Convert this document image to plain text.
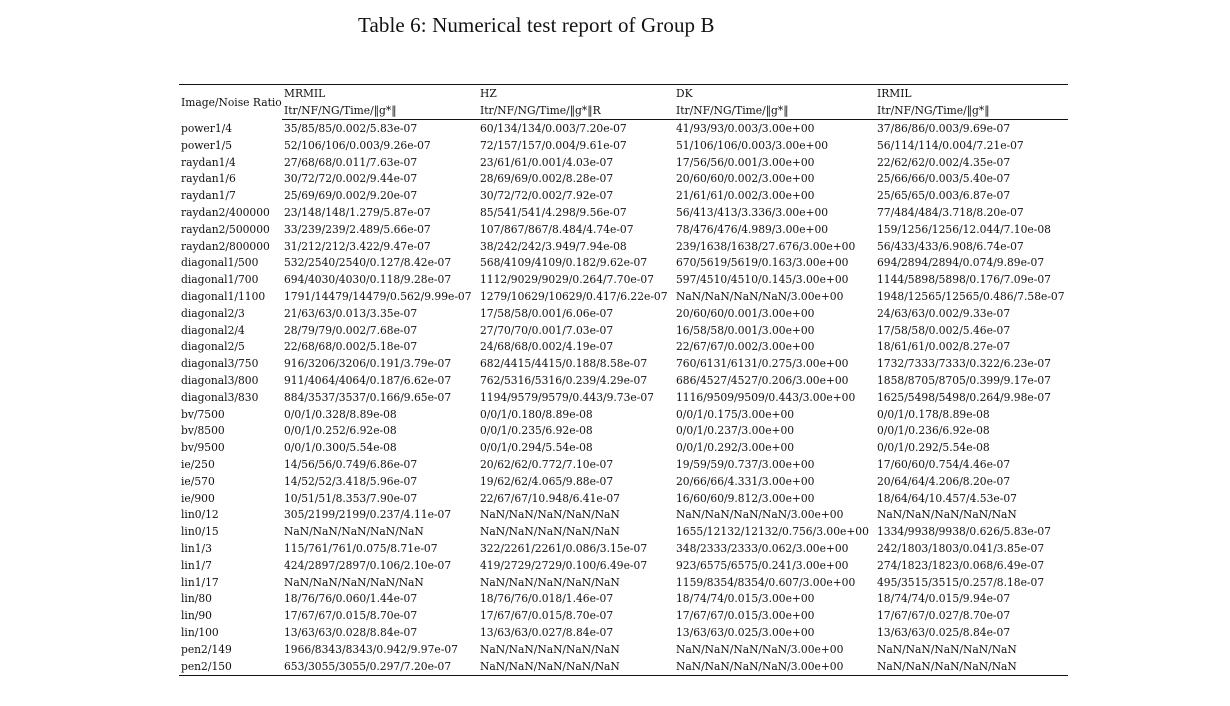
Table 6: Numerical test report of Group B
Image/Noise Ratio	MRMIL	HZ	DK	IRMIL
	Itr/NF/NG/Time/‖g*‖	Itr/NF/NG/Time/‖g*‖R	Itr/NF/NG/Time/‖g*‖	Itr/NF/NG/Time/‖g*‖
power1/4	35/85/85/0.002/5.83e-07	60/134/134/0.003/7.20e-07	41/93/93/0.003/3.00e+00	37/86/86/0.003/9.69e-07
power1/5	52/106/106/0.003/9.26e-07	72/157/157/0.004/9.61e-07	51/106/106/0.003/3.00e+00	56/114/114/0.004/7.21e-07
raydan1/4	27/68/68/0.011/7.63e-07	23/61/61/0.001/4.03e-07	17/56/56/0.001/3.00e+00	22/62/62/0.002/4.35e-07
raydan1/6	30/72/72/0.002/9.44e-07	28/69/69/0.002/8.28e-07	20/60/60/0.002/3.00e+00	25/66/66/0.003/5.40e-07
raydan1/7	25/69/69/0.002/9.20e-07	30/72/72/0.002/7.92e-07	21/61/61/0.002/3.00e+00	25/65/65/0.003/6.87e-07
raydan2/400000	23/148/148/1.279/5.87e-07	85/541/541/4.298/9.56e-07	56/413/413/3.336/3.00e+00	77/484/484/3.718/8.20e-07
raydan2/500000	33/239/239/2.489/5.66e-07	107/867/867/8.484/4.74e-07	78/476/476/4.989/3.00e+00	159/1256/1256/12.044/7.10e-08
raydan2/800000	31/212/212/3.422/9.47e-07	38/242/242/3.949/7.94e-08	239/1638/1638/27.676/3.00e+00	56/433/433/6.908/6.74e-07
diagonal1/500	532/2540/2540/0.127/8.42e-07	568/4109/4109/0.182/9.62e-07	670/5619/5619/0.163/3.00e+00	694/2894/2894/0.074/9.89e-07
diagonal1/700	694/4030/4030/0.118/9.28e-07	1112/9029/9029/0.264/7.70e-07	597/4510/4510/0.145/3.00e+00	1144/5898/5898/0.176/7.09e-07
diagonal1/1100	1791/14479/14479/0.562/9.99e-07	1279/10629/10629/0.417/6.22e-07	NaN/NaN/NaN/NaN/3.00e+00	1948/12565/12565/0.486/7.58e-07
diagonal2/3	21/63/63/0.013/3.35e-07	17/58/58/0.001/6.06e-07	20/60/60/0.001/3.00e+00	24/63/63/0.002/9.33e-07
diagonal2/4	28/79/79/0.002/7.68e-07	27/70/70/0.001/7.03e-07	16/58/58/0.001/3.00e+00	17/58/58/0.002/5.46e-07
diagonal2/5	22/68/68/0.002/5.18e-07	24/68/68/0.002/4.19e-07	22/67/67/0.002/3.00e+00	18/61/61/0.002/8.27e-07
diagonal3/750	916/3206/3206/0.191/3.79e-07	682/4415/4415/0.188/8.58e-07	760/6131/6131/0.275/3.00e+00	1732/7333/7333/0.322/6.23e-07
diagonal3/800	911/4064/4064/0.187/6.62e-07	762/5316/5316/0.239/4.29e-07	686/4527/4527/0.206/3.00e+00	1858/8705/8705/0.399/9.17e-07
diagonal3/830	884/3537/3537/0.166/9.65e-07	1194/9579/9579/0.443/9.73e-07	1116/9509/9509/0.443/3.00e+00	1625/5498/5498/0.264/9.98e-07
bv/7500	0/0/1/0.328/8.89e-08	0/0/1/0.180/8.89e-08	0/0/1/0.175/3.00e+00	0/0/1/0.178/8.89e-08
bv/8500	0/0/1/0.252/6.92e-08	0/0/1/0.235/6.92e-08	0/0/1/0.237/3.00e+00	0/0/1/0.236/6.92e-08
bv/9500	0/0/1/0.300/5.54e-08	0/0/1/0.294/5.54e-08	0/0/1/0.292/3.00e+00	0/0/1/0.292/5.54e-08
ie/250	14/56/56/0.749/6.86e-07	20/62/62/0.772/7.10e-07	19/59/59/0.737/3.00e+00	17/60/60/0.754/4.46e-07
ie/570	14/52/52/3.418/5.96e-07	19/62/62/4.065/9.88e-07	20/66/66/4.331/3.00e+00	20/64/64/4.206/8.20e-07
ie/900	10/51/51/8.353/7.90e-07	22/67/67/10.948/6.41e-07	16/60/60/9.812/3.00e+00	18/64/64/10.457/4.53e-07
lin0/12	305/2199/2199/0.237/4.11e-07	NaN/NaN/NaN/NaN/NaN	NaN/NaN/NaN/NaN/3.00e+00	NaN/NaN/NaN/NaN/NaN
lin0/15	NaN/NaN/NaN/NaN/NaN	NaN/NaN/NaN/NaN/NaN	1655/12132/12132/0.756/3.00e+00	1334/9938/9938/0.626/5.83e-07
lin1/3	115/761/761/0.075/8.71e-07	322/2261/2261/0.086/3.15e-07	348/2333/2333/0.062/3.00e+00	242/1803/1803/0.041/3.85e-07
lin1/7	424/2897/2897/0.106/2.10e-07	419/2729/2729/0.100/6.49e-07	923/6575/6575/0.241/3.00e+00	274/1823/1823/0.068/6.49e-07
lin1/17	NaN/NaN/NaN/NaN/NaN	NaN/NaN/NaN/NaN/NaN	1159/8354/8354/0.607/3.00e+00	495/3515/3515/0.257/8.18e-07
lin/80	18/76/76/0.060/1.44e-07	18/76/76/0.018/1.46e-07	18/74/74/0.015/3.00e+00	18/74/74/0.015/9.94e-07
lin/90	17/67/67/0.015/8.70e-07	17/67/67/0.015/8.70e-07	17/67/67/0.015/3.00e+00	17/67/67/0.027/8.70e-07
lin/100	13/63/63/0.028/8.84e-07	13/63/63/0.027/8.84e-07	13/63/63/0.025/3.00e+00	13/63/63/0.025/8.84e-07
pen2/149	1966/8343/8343/0.942/9.97e-07	NaN/NaN/NaN/NaN/NaN	NaN/NaN/NaN/NaN/3.00e+00	NaN/NaN/NaN/NaN/NaN
pen2/150	653/3055/3055/0.297/7.20e-07	NaN/NaN/NaN/NaN/NaN	NaN/NaN/NaN/NaN/3.00e+00	NaN/NaN/NaN/NaN/NaN
